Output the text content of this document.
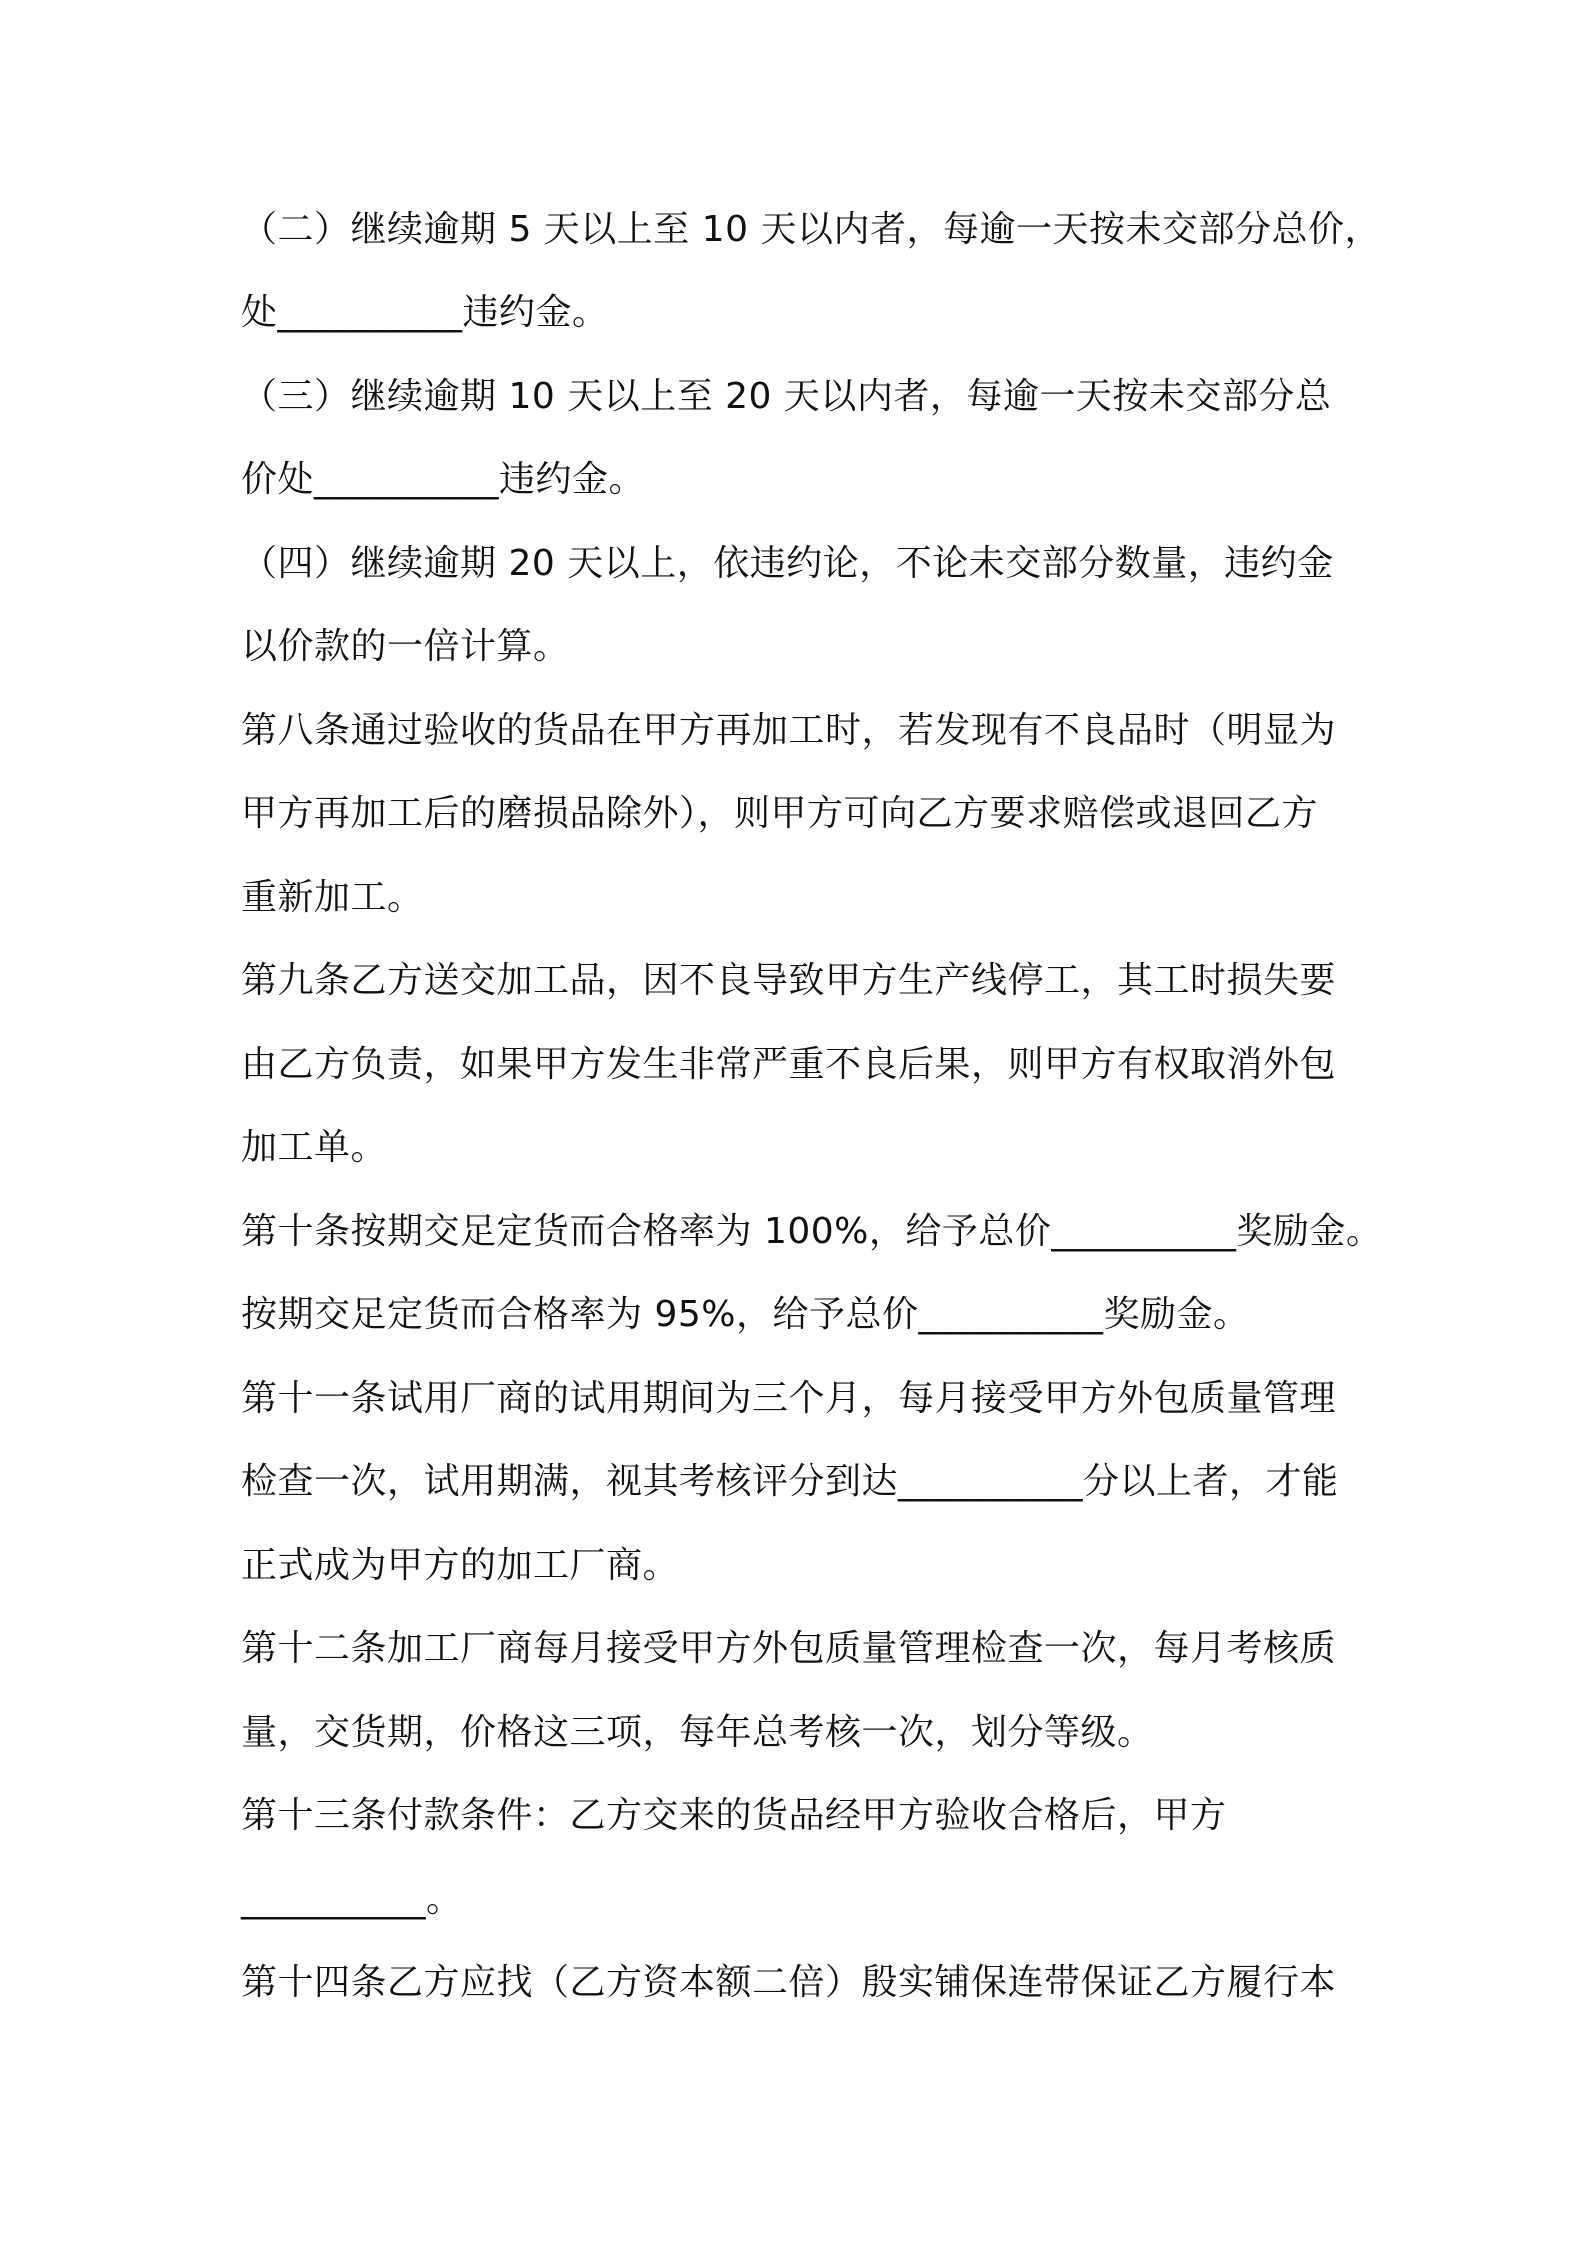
（二）继续逾期 5 天以上至 10 天以内者，每逾一天按未交部分总价，
处__________违约金。
（三）继续逾期 10 天以上至 20 天以内者，每逾一天按未交部分总
价处__________违约金。
（四）继续逾期 20 天以上，依违约论，不论未交部分数量，违约金
以价款的一倍计算。
第八条通过验收的货品在甲方再加工时，若发现有不良品时（明显为
甲方再加工后的磨损品除外），则甲方可向乙方要求赔偿或退回乙方
重新加工。
第九条乙方送交加工品，因不良导致甲方生产线停工，其工时损失要
由乙方负责，如果甲方发生非常严重不良后果，则甲方有权取消外包
加工单。
第十条按期交足定货而合格率为 100%，给予总价__________奖励金。
按期交足定货而合格率为 95%，给予总价__________奖励金。
第十一条试用厂商的试用期间为三个月，每月接受甲方外包质量管理
检查一次，试用期满，视其考核评分到达__________分以上者，才能
正式成为甲方的加工厂商。
第十二条加工厂商每月接受甲方外包质量管理检查一次，每月考核质
量，交货期，价格这三项，每年总考核一次，划分等级。
第十三条付款条件：乙方交来的货品经甲方验收合格后，甲方
__________。
第十四条乙方应找（乙方资本额二倍）殷实铺保连带保证乙方履行本
